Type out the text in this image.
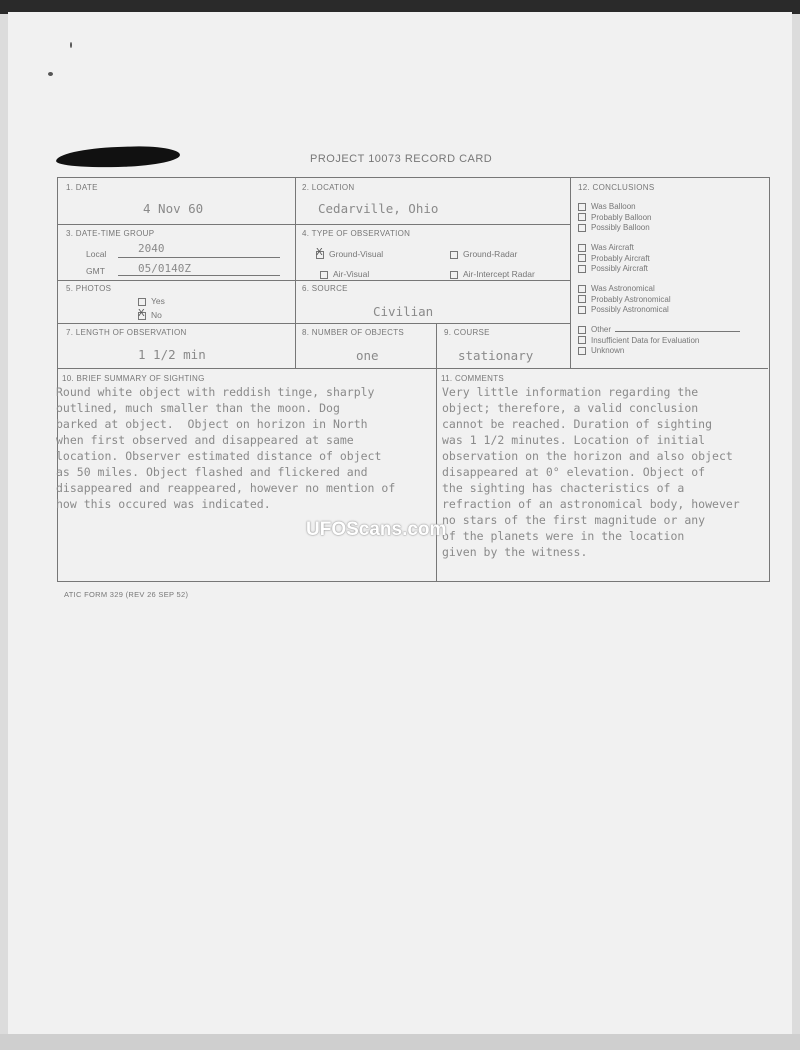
PROJECT 10073 RECORD CARD
1. DATE
4 Nov 60
2. LOCATION
Cedarville, Ohio
3. DATE-TIME GROUP
Local	2040
GMT	05/0140Z
4. TYPE OF OBSERVATION
X Ground-Visual	Ground-Radar
Air-Visual	Air-Intercept Radar
5. PHOTOS
Yes
X No
6. SOURCE
Civilian
7. LENGTH OF OBSERVATION
1 1/2 min
8. NUMBER OF OBJECTS
one
9. COURSE
stationary
12. CONCLUSIONS
Was Balloon
Probably Balloon
Possibly Balloon
Was Aircraft
Probably Aircraft
Possibly Aircraft
Was Astronomical
Probably Astronomical
Possibly Astronomical
Other
Insufficient Data for Evaluation
Unknown
10. BRIEF SUMMARY OF SIGHTING
Round white object with reddish tinge, sharply
outlined, much smaller than the moon. Dog
barked at object.  Object on horizon in North
when first observed and disappeared at same
location. Observer estimated distance of object
as 50 miles. Object flashed and flickered and
disappeared and reappeared, however no mention of
how this occured was indicated.
11. COMMENTS
Very little information regarding the
object; therefore, a valid conclusion
cannot be reached. Duration of sighting
was 1 1/2 minutes. Location of initial
observation on the horizon and also object
disappeared at 0° elevation. Object of
the sighting has chacteristics of a
refraction of an astronomical body, however
no stars of the first magnitude or any
of the planets were in the location
given by the witness.
ATIC FORM 329 (REV 26 SEP 52)
UFOScans.com
